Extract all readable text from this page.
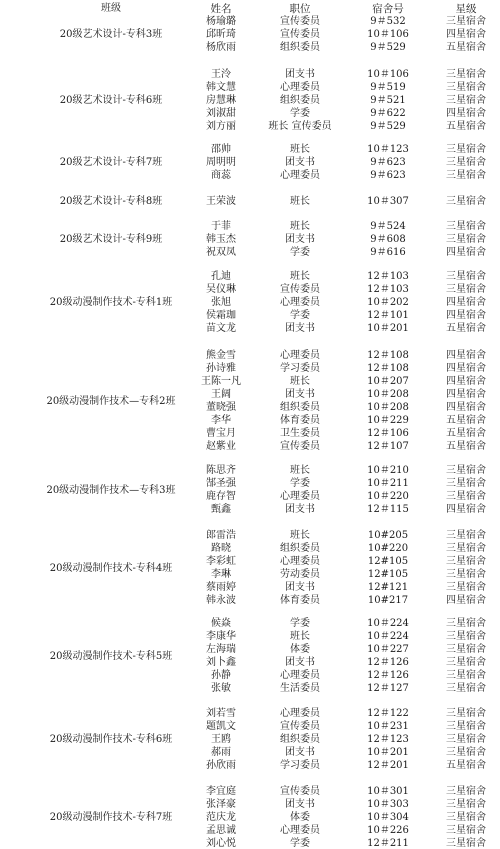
班级	姓名	职位	宿舍号	星级
20级艺术设计-专科3班
杨瑜璐	宣传委员	9＃532	三星宿舍
邱昕琦	宣传委员	10＃106	四星宿舍
杨欣雨	组织委员	9＃529	五星宿舍
20级艺术设计-专科6班
王泠	团支书	10＃106	三星宿舍
韩文慧	心理委员	9＃519	三星宿舍
房慧琳	组织委员	9＃521	三星宿舍
刘淑甜	学委	9＃622	四星宿舍
刘方丽	班长 宣传委员	9＃529	五星宿舍
20级艺术设计-专科7班
邵帅	班长	10＃123	三星宿舍
周明明	团支书	9＃623	三星宿舍
商蕊	心理委员	9＃623	三星宿舍
20级艺术设计-专科8班	王荣波	班长	10＃307	三星宿舍
20级艺术设计-专科9班
于菲	班长	9＃524	三星宿舍
韩玉杰	团支书	9＃608	三星宿舍
祝双凤	学委	9＃616	四星宿舍
20级动漫制作技术-专科1班
孔迪	班长	12＃103	三星宿舍
吴仪琳	宣传委员	12＃103	三星宿舍
张旭	心理委员	10＃202	四星宿舍
侯霜珈	学委	12＃101	四星宿舍
苗文龙	团支书	10＃201	五星宿舍
20级动漫制作技术—专科2班
熊金雪	心理委员	12＃108	四星宿舍
孙诗雅	学习委员	12＃108	四星宿舍
王陈一凡	班长	10＃207	四星宿舍
王阔	团支书	10＃208	四星宿舍
董晓强	组织委员	10＃208	四星宿舍
李华	体育委员	10＃229	五星宿舍
曹宝月	卫生委员	12＃106	五星宿舍
赵紫业	宣传委员	12＃107	五星宿舍
20级动漫制作技术—专科3班
陈思齐	班长	10＃210	三星宿舍
郜圣强	学委	10＃211	三星宿舍
鹿存智	心理委员	10＃220	三星宿舍
甄鑫	团支书	12＃115	四星宿舍
20级动漫制作技术-专科4班
郎雷浩	班长	10#205	三星宿舍
路晓	组织委员	10#220	三星宿舍
李彩虹	心理委员	12#105	三星宿舍
李琳	劳动委员	12#105	三星宿舍
蔡雨婷	团支书	12#121	三星宿舍
韩永波	体育委员	10#217	四星宿舍
20级动漫制作技术-专科5班
候焱	学委	10＃224	三星宿舍
李康华	班长	10＃224	三星宿舍
左海瑞	体委	10＃227	三星宿舍
刘卜鑫	团支书	12＃126	三星宿舍
孙静	心理委员	12＃126	三星宿舍
张敏	生活委员	12＃127	三星宿舍
20级动漫制作技术-专科6班
刘若雪	心理委员	12＃122	三星宿舍
题凯文	宣传委员	10＃231	三星宿舍
王鸥	组织委员	12＃123	三星宿舍
郝雨	团支书	10＃201	三星宿舍
孙欣雨	学习委员	12＃201	五星宿舍
20级动漫制作技术-专科7班
李宜庭	宣传委员	10＃301	三星宿舍
张泽豪	团支书	10＃303	三星宿舍
范庆龙	体委	10＃304	三星宿舍
孟思诚	心理委员	10＃226	三星宿舍
刘心悦	学委	12＃211	三星宿舍
